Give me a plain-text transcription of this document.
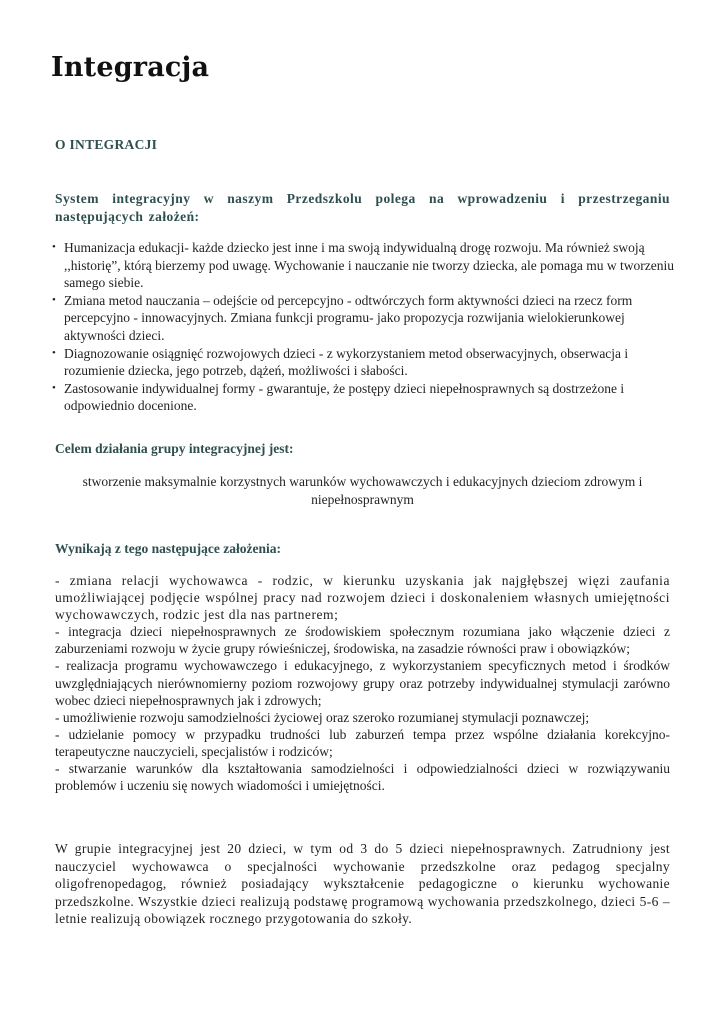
Integracja
O INTEGRACJI
System integracyjny w naszym Przedszkolu polega na wprowadzeniu i przestrzeganiu następujących założeń:
• Humanizacja edukacji- każde dziecko jest inne i ma swoją indywidualną drogę rozwoju. Ma również swoją ,,historię”, którą bierzemy pod uwagę. Wychowanie i nauczanie nie tworzy dziecka, ale pomaga mu w tworzeniu samego siebie.
• Zmiana metod nauczania – odejście od percepcyjno - odtwórczych form aktywności dzieci na rzecz form percepcyjno - innowacyjnych. Zmiana funkcji programu- jako propozycja rozwijania wielokierunkowej aktywności dzieci.
• Diagnozowanie osiągnięć rozwojowych dzieci - z wykorzystaniem metod obserwacyjnych, obserwacja i rozumienie dziecka, jego potrzeb, dążeń, możliwości i słabości.
• Zastosowanie indywidualnej formy - gwarantuje, że postępy dzieci niepełnosprawnych są dostrzeżone i odpowiednio docenione.
Celem działania grupy integracyjnej jest:

stworzenie maksymalnie korzystnych warunków wychowawczych i edukacyjnych dzieciom zdrowym i niepełnosprawnym

Wynikają z tego następujące założenia:
- zmiana relacji wychowawca - rodzic, w kierunku uzyskania jak najgłębszej więzi zaufania umożliwiającej podjęcie wspólnej pracy nad rozwojem dzieci i doskonaleniem własnych umiejętności wychowawczych, rodzic jest dla nas partnerem;
- integracja dzieci niepełnosprawnych ze środowiskiem społecznym rozumiana jako włączenie dzieci z zaburzeniami rozwoju w życie grupy rówieśniczej, środowiska, na zasadzie równości praw i obowiązków;
- realizacja programu wychowawczego i edukacyjnego, z wykorzystaniem specyficznych metod i środków uwzględniających nierównomierny poziom rozwojowy grupy oraz potrzeby indywidualnej stymulacji zarówno wobec dzieci niepełnosprawnych jak i zdrowych;
- umożliwienie rozwoju samodzielności życiowej oraz szeroko rozumianej stymulacji poznawczej;
- udzielanie pomocy w przypadku trudności lub zaburzeń tempa przez wspólne działania korekcyjno-terapeutyczne nauczycieli, specjalistów i rodziców;
- stwarzanie warunków dla kształtowania samodzielności i odpowiedzialności dzieci w rozwiązywaniu problemów i uczeniu się nowych wiadomości i umiejętności.

W grupie integracyjnej jest 20 dzieci, w tym od 3 do 5 dzieci niepełnosprawnych. Zatrudniony jest nauczyciel wychowawca o specjalności wychowanie przedszkolne oraz pedagog specjalny oligofrenopedagog, również posiadający wykształcenie pedagogiczne o kierunku wychowanie przedszkolne. Wszystkie dzieci realizują podstawę programową wychowania przedszkolnego, dzieci 5-6 – letnie realizują obowiązek rocznego przygotowania do szkoły.
